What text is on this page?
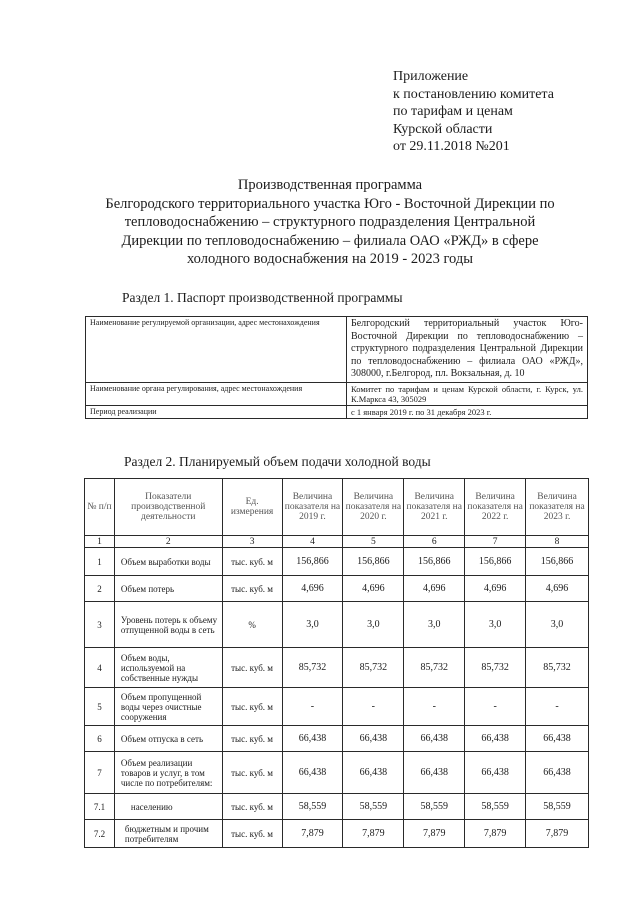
Приложение
к постановлению комитета
по тарифам и ценам
Курской области
от 29.11.2018 №201
Производственная программа
Белгородского территориального участка Юго - Восточной Дирекции по
тепловодоснабжению – структурного подразделения Центральной
Дирекции по тепловодоснабжению – филиала ОАО «РЖД» в сфере
холодного водоснабжения на 2019 - 2023 годы
Раздел 1. Паспорт производственной программы
Наименование регулируемой организации, адрес местонахождения	Белгородский территориальный участок Юго-Восточной Дирекции по тепловодоснабжению – структурного подразделения Центральной Дирекции по тепловодоснабжению – филиала ОАО «РЖД», 308000, г.Белгород, пл. Вокзальная, д. 10
Наименование органа регулирования, адрес местонахождения	Комитет по тарифам и ценам Курской области, г. Курск, ул. К.Маркса 43, 305029
Период реализации	с 1 января 2019 г. по 31 декабря 2023 г.
Раздел 2. Планируемый объем подачи холодной воды
№ п/п	Показатели производственной деятельности	Ед. измерения	Величина показателя на 2019 г.	Величина показателя на 2020 г.	Величина показателя на 2021 г.	Величина показателя на 2022 г.	Величина показателя на 2023 г.
1	2	3	4	5	6	7	8
1	Объем выработки воды	тыс. куб. м	156,866	156,866	156,866	156,866	156,866
2	Объем потерь	тыс. куб. м	4,696	4,696	4,696	4,696	4,696
3	Уровень потерь к объему отпущенной воды в сеть	%	3,0	3,0	3,0	3,0	3,0
4	Объем воды, используемой на собственные нужды	тыс. куб. м	85,732	85,732	85,732	85,732	85,732
5	Объем пропущенной воды через очистные сооружения	тыс. куб. м	-	-	-	-	-
6	Объем отпуска в сеть	тыс. куб. м	66,438	66,438	66,438	66,438	66,438
7	Объем реализации товаров и услуг, в том числе по потребителям:	тыс. куб. м	66,438	66,438	66,438	66,438	66,438
7.1	населению	тыс. куб. м	58,559	58,559	58,559	58,559	58,559
7.2	бюджетным и прочим потребителям	тыс. куб. м	7,879	7,879	7,879	7,879	7,879
